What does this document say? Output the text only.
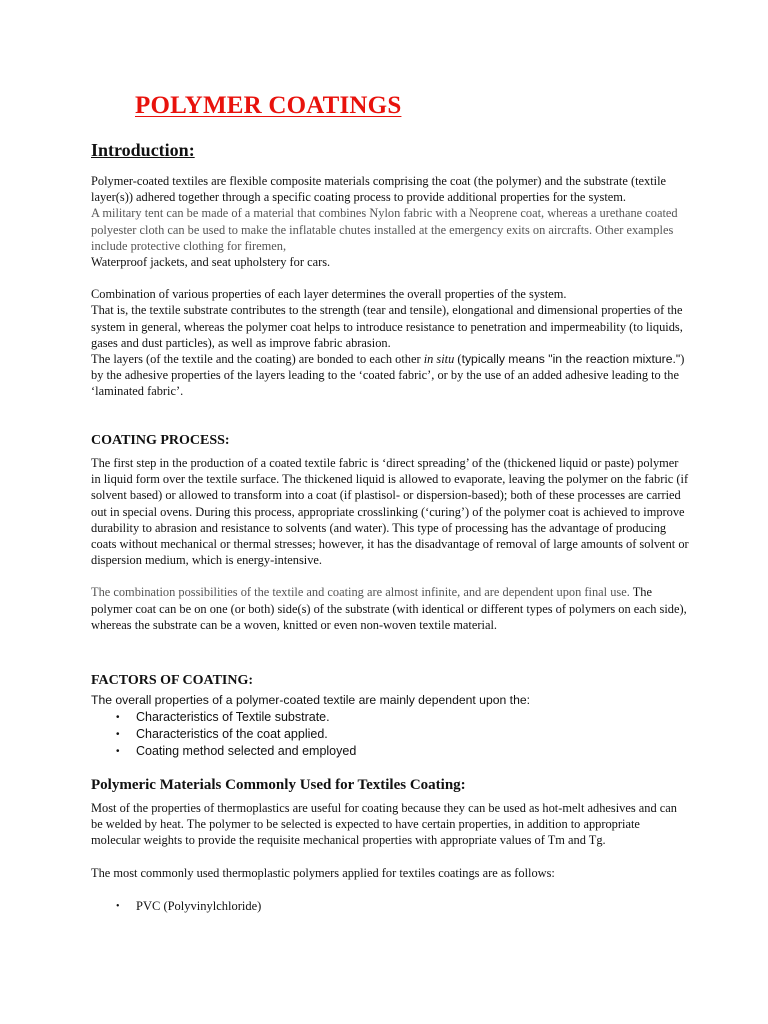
POLYMER COATINGS
Introduction:

Polymer-coated textiles are flexible composite materials comprising the coat (the polymer) and the substrate (textile layer(s)) adhered together through a specific coating process to provide additional properties for the system.

A military tent can be made of a material that combines Nylon fabric with a Neoprene coat, whereas a urethane coated polyester cloth can be used to make the inflatable chutes installed at the emergency exits on aircrafts. Other examples include protective clothing for firemen,

Waterproof jackets, and seat upholstery for cars.

Combination of various properties of each layer determines the overall properties of the system.

That is, the textile substrate contributes to the strength (tear and tensile), elongational and dimensional properties of the system in general, whereas the polymer coat helps to introduce resistance to penetration and impermeability (to liquids, gases and dust particles), as well as improve fabric abrasion.

The layers (of the textile and the coating) are bonded to each other in situ (typically means "in the reaction mixture.") by the adhesive properties of the layers leading to the ‘coated fabric’, or by the use of an added adhesive leading to the ‘laminated fabric’.

COATING PROCESS:

The first step in the production of a coated textile fabric is ‘direct spreading’ of the (thickened liquid or paste) polymer in liquid form over the textile surface. The thickened liquid is allowed to evaporate, leaving the polymer on the fabric (if solvent based) or allowed to transform into a coat (if plastisol- or dispersion-based); both of these processes are carried out in special ovens. During this process, appropriate crosslinking (‘curing’) of the polymer coat is achieved to improve durability to abrasion and resistance to solvents (and water). This type of processing has the advantage of producing coats without mechanical or thermal stresses; however, it has the disadvantage of removal of large amounts of solvent or dispersion medium, which is energy-intensive.

The combination possibilities of the textile and coating are almost infinite, and are dependent upon final use. The polymer coat can be on one (or both) side(s) of the substrate (with identical or different types of polymers on each side), whereas the substrate can be a woven, knitted or even non-woven textile material.

FACTORS OF COATING:
The overall properties of a polymer-coated textile are mainly dependent upon the:
• Characteristics of Textile substrate.
• Characteristics of the coat applied.
• Coating method selected and employed
Polymeric Materials Commonly Used for Textiles Coating:

Most of the properties of thermoplastics are useful for coating because they can be used as hot-melt adhesives and can be welded by heat. The polymer to be selected is expected to have certain properties, in addition to appropriate molecular weights to provide the requisite mechanical properties with appropriate values of Tm and Tg.

The most commonly used thermoplastic polymers applied for textiles coatings are as follows:

• PVC (Polyvinylchloride)
